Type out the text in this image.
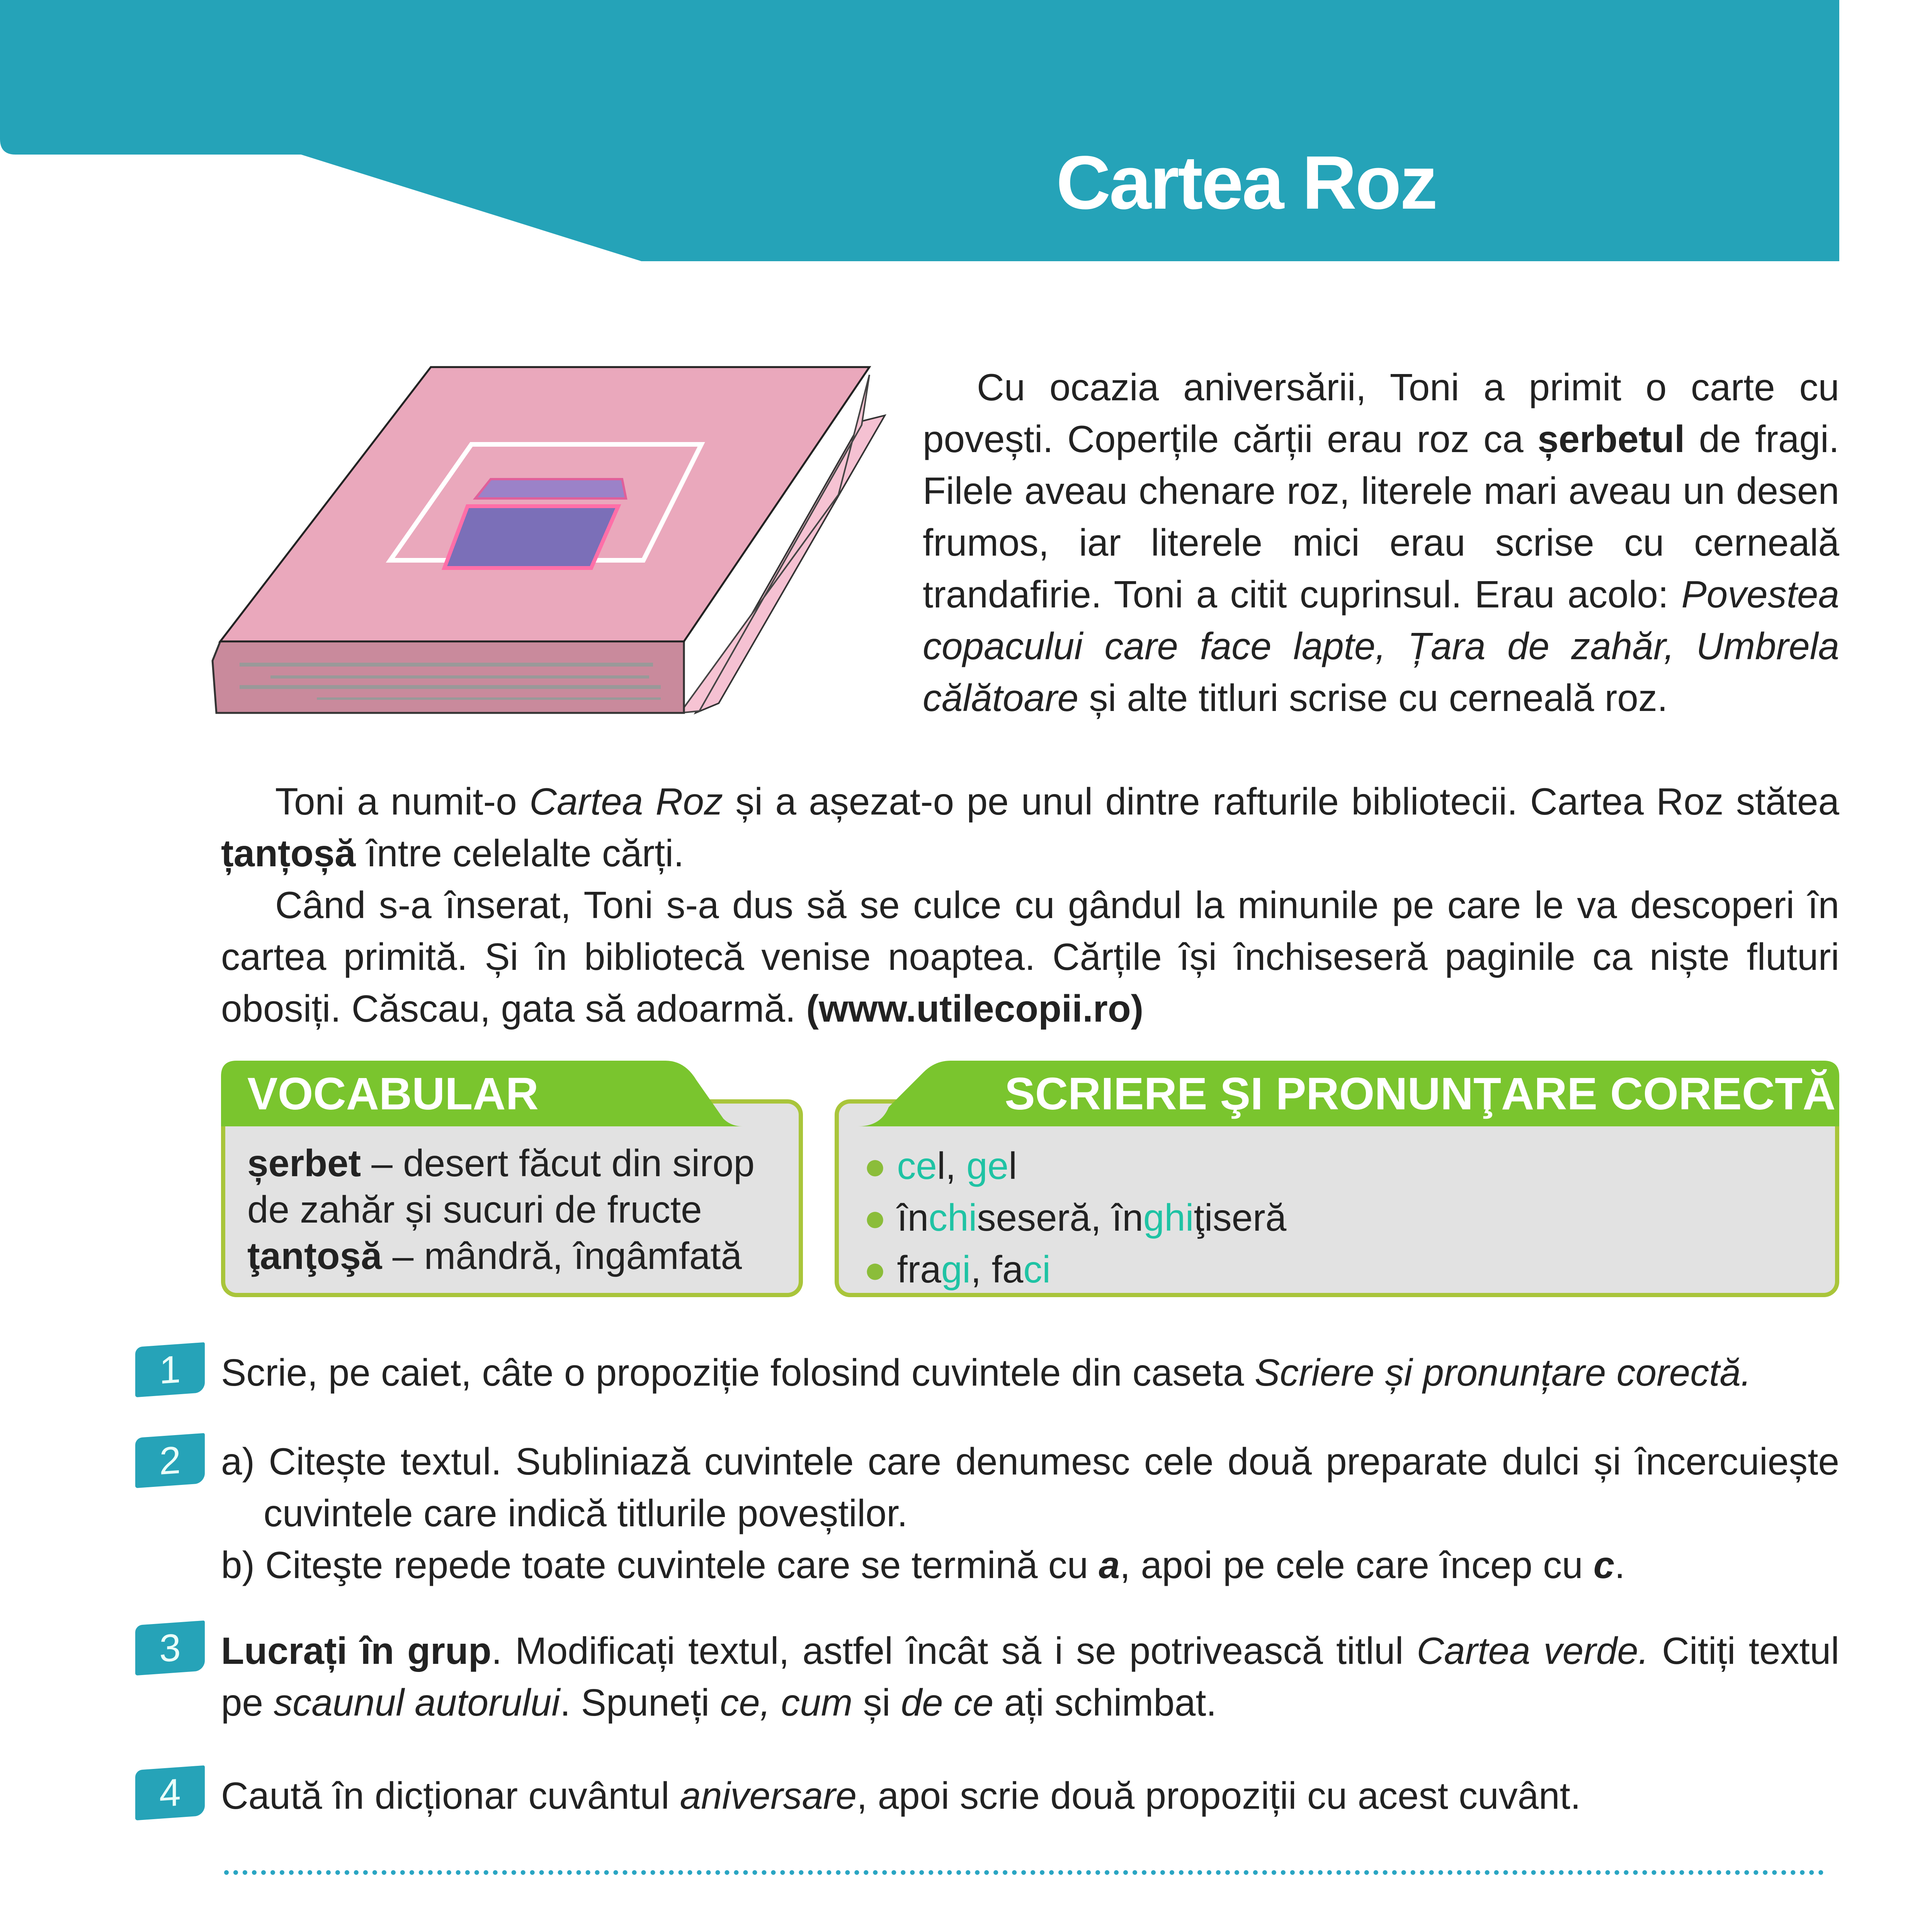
Cartea Roz

Cu ocazia aniversării, Toni a primit o carte cu povești. Coperțile cărții erau roz ca șerbetul de fragi. Filele aveau chenare roz, literele mari aveau un desen frumos, iar literele mici erau scrise cu cerneală trandafirie. Toni a citit cuprinsul. Erau acolo: Povestea copacului care face lapte, Țara de zahăr, Umbrela călătoare și alte titluri scrise cu cerneală roz.

Toni a numit-o Cartea Roz și a așezat-o pe unul dintre rafturile bibliotecii. Cartea Roz stătea țanțoșă între celelalte cărți.

Când s-a înserat, Toni s-a dus să se culce cu gândul la minunile pe care le va descoperi în cartea primită. Și în bibliotecă venise noaptea. Cărțile își închiseseră paginile ca niște fluturi obosiți. Căscau, gata să adoarmă. (www.utilecopii.ro)

VOCABULAR
șerbet – desert făcut din sirop de zahăr și sucuri de fructe
ţanţoşă – mândră, îngâmfată
SCRIERE ŞI PRONUNŢARE CORECTĂ
● cel, gel
● închiseseră, înghiţiseră
● fragi, faci
1	Scrie, pe caiet, câte o propoziție folosind cuvintele din caseta Scriere și pronunțare corectă.

2	a) Citește textul. Subliniază cuvintele care denumesc cele două preparate dulci și încercuiește cuvintele care indică titlurile poveștilor.

b) Citeşte repede toate cuvintele care se termină cu a, apoi pe cele care încep cu c.

3	Lucrați în grup. Modificați textul, astfel încât să i se potrivească titlul Cartea verde. Citiți textul pe scaunul autorului. Spuneți ce, cum și de ce ați schimbat.

4	Caută în dicționar cuvântul aniversare, apoi scrie două propoziții cu acest cuvânt.
